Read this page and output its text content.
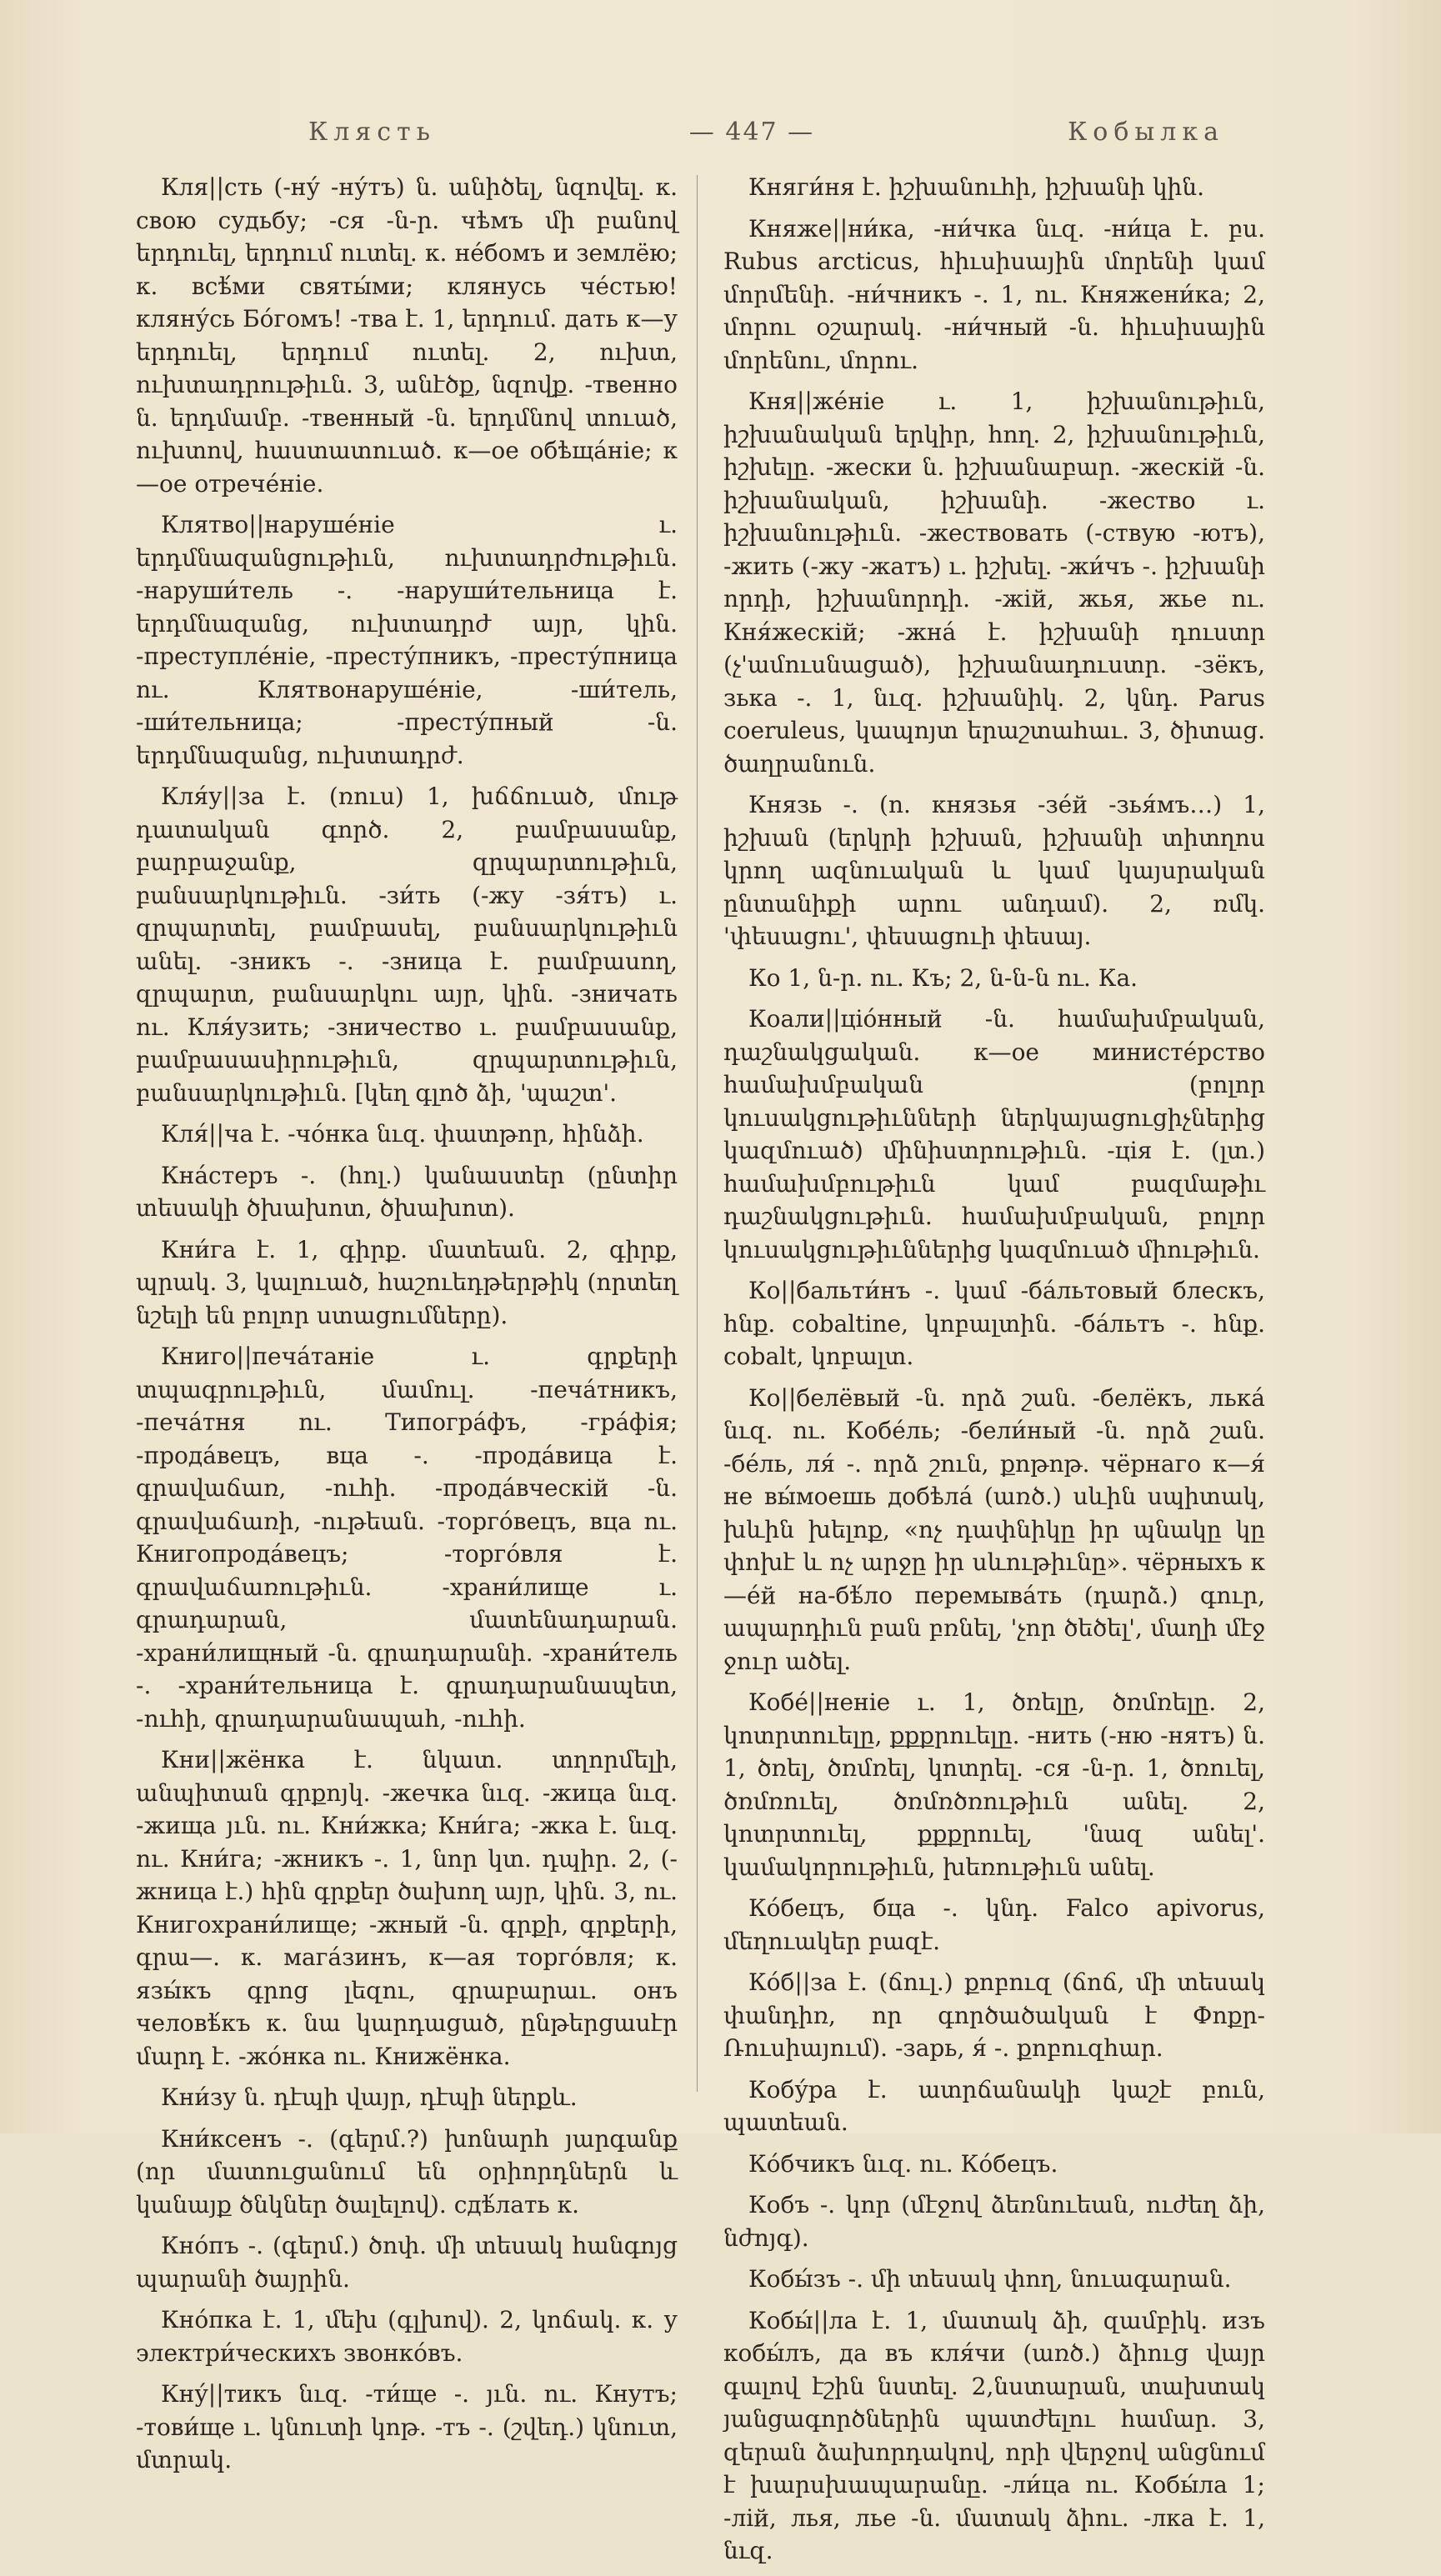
Клясть	— 447 —	Кобылка

Кля||сть (-ну́ -ну́тъ) ն. անիծել, նզովել. к. свою судьбу; -ся -ն-ր. чѣмъ մի բանով երդուել, երդում ուտել. к. не́бомъ и землёю; к. всѣ́ми святы́ми; клянусь че́стью! кляну́сь Бо́гомъ! -тва է. 1, երդում. дать к—у երդուել, երդում ուտել. 2, ուխտ, ուխտադրութիւն. 3, անէծք, նզովք. -твенно ն. երդմամբ. -твенный -ն. երդմնով տուած, ուխտով, հաստատուած. к—ое обѣща́ніе; к—ое отрече́ніе.

Клятво||наруше́ніе ւ. երդմնազանցութիւն, ուխտադրժութիւն. -наруши́тель -. -наруши́тельница է. երդմնազանց, ուխտադրժ այր, կին. -преступле́ніе, -престу́пникъ, -престу́пница ու. Клятвонаруше́ніе, -ши́тель, -ши́тельница; -престу́пный -ն. երդմնազանց, ուխտադրժ.

Кля́у||за է. (ռուս) 1, խճճուած, մութ դատական գործ. 2, բամբասանք, բարբաջանք, զրպարտութիւն, բանսարկութիւն. -зи́ть (-жу -зя́тъ) ւ. զրպարտել, բամբասել, բանսարկութիւն անել. -зникъ -. -зница է. բամբասող, զրպարտ, բանսարկու այր, կին. -зничать ու. Кля́узить; -зничество ւ. բամբասանք, բամբասասիրութիւն, զրպարտութիւն, բանսարկութիւն. [կեղ գլոծ ձի, 'պաշտ'.

Кля́||ча է. -чо́нка նւզ. փատթոր, հինձի.

Кна́стеръ -. (հոլ.) կանաստեր (ընտիր տեսակի ծխախոտ, ծխախոտ).

Кни́га է. 1, գիրք. մատեան. 2, գիրք, պրակ. 3, կալուած, հաշուեդթերթիկ (որտեղ նշելի են բոլոր ստացումները).

Книго||печа́таніе ւ. գրքերի տպագրութիւն, մամուլ. -печа́тникъ, -печа́тня ու. Типогра́фъ, -гра́фія; -прода́вецъ, вца -. -прода́вица է. գրավաճառ, -ուհի. -прода́вческій -ն. գրավաճառի, -ութեան. -торго́вецъ, вца ու. Книгопрода́вецъ; -торго́вля է. գրավաճառութիւն. -храни́лище ւ. գրադարան, մատենադարան. -храни́лищный -ն. գրադարանի. -храни́тель -. -храни́тельница է. գրադարանապետ, -ուհի, գրադարանապահ, -ուհի.

Кни||жёнка է. նկատ. տղորմելի, անպիտան գրքոյկ. -жечка նւզ. -жица նւզ. -жища յւն. ու. Кни́жка; Кни́га; -жка է. նւզ. ու. Кни́га; -жникъ -. 1, նոր կտ. դպիր. 2, (-жница է.) հին գրքեր ծախող այր, կին. 3, ու. Книгохрани́лище; -жный -ն. գրքի, գրքերի, գրա—. к. мага́зинъ, к—ая торго́вля; к. язы́къ գրոց լեզու, գրաբարաւ. онъ человѣ́къ к. նա կարդացած, ընթերցասէր մարդ է. -жо́нка ու. Книжёнка.

Кни́зу ն. դէպի վայր, դէպի ներքև.

Кни́ксенъ -. (գերմ.?) խոնարհ յարգանք (որ մատուցանում են օրիորդներն և կանայք ծնկներ ծալելով). сдѣ́лать к.

Кно́пъ -. (գերմ.) ծոփ. մի տեսակ հանգոյց պարանի ծայրին.

Кно́пка է. 1, մեխ (գլխով). 2, կոճակ. к. у электри́ческихъ звонко́въ.

Кну́||тикъ նւզ. -ти́ще -. յւն. ու. Кнутъ; -тови́ще ւ. կնուտի կոթ. -тъ -. (շվեդ.) կնուտ, մտրակ.

Княги́ня է. իշխանուհի, իշխանի կին.

Княже||ни́ка, -ни́чка նւզ. -ни́ца է. բս. Rubus arcticus, հիւսիսային մորենի կամ մորմենի. -ни́чникъ -. 1, ու. Княжени́ка; 2, մորու օշարակ. -ни́чный -ն. հիւսիսային մորենու, մորու.

Кня||же́ніе ւ. 1, իշխանութիւն, իշխանական երկիր, հող. 2, իշխանութիւն, իշխելը. -жески ն. իշխանաբար. -жескій -ն. իշխանական, իշխանի. -жество ւ. իշխանութիւն. -жествовать (-ствую -ютъ), -жить (-жу -жатъ) ւ. իշխել. -жи́чъ -. իշխանի որդի, իշխանորդի. -жій, жья, жье ու. Кня́жескій; -жна́ է. իշխանի դուստր (չ'ամուսնացած), իշխանադուստր. -зёкъ, зька -. 1, նւզ. իշխանիկ. 2, կնդ. Parus coeruleus, կապոյտ երաշտահաւ. 3, ծիտաց. ծաղրանուն.

Князь -. (ո. князья -зе́й -зья́мъ…) 1, իշխան (երկրի իշխան, իշխանի տիտղոս կրող ազնուական և կամ կայսրական ընտանիքի արու անդամ). 2, ռմկ. 'փեսացու', փեսացուի փեսայ.

Ко 1, ն-ր. ու. Къ; 2, ն-ն-ն ու. Ка.

Коали||ціо́нный -ն. համախմբական, դաշնակցական. к—ое министе́рство համախմբական (բոլոր կուսակցութիւնների ներկայացուցիչներից կազմուած) մինիստրութիւն. -ція է. (լտ.) համախմբութիւն կամ բազմաթիւ դաշնակցութիւն. համախմբական, բոլոր կուսակցութիւններից կազմուած միութիւն.

Ко||бальти́нъ -. կամ -ба́льтовый блескъ, հնք. cobaltine, կոբալտին. -ба́льтъ -. հնք. cobalt, կոբալտ.

Ко||белёвый -ն. որձ շան. -белёкъ, лька́ նւզ. ու. Кобе́ль; -бели́ный -ն. որձ շան. -бе́ль, ля́ -. որձ շուն, քոթոթ. чёрнаго к—я́ не вы́моешь добѣла́ (առծ.) սևին սպիտակ, խևին խելոք, «ոչ դափնիկը իր պնակը կը փոխէ և ոչ արջը իր սևութիւնը». чёрныхъ к—е́й на-бѣ́ло перемыва́ть (դարձ.) գուր, ապարդիւն բան բռնել, 'չոր ծեծել', մաղի մէջ ջուր ածել.

Кобе́||неніе ւ. 1, ծռելը, ծռմռելը. 2, կոտրտուելը, քքքրուելը. -нить (-ню -нятъ) ն. 1, ծռել, ծռմռել, կոտրել. -ся -ն-ր. 1, ծռուել, ծռմռուել, ծռմռծռութիւն անել. 2, կոտրտուել, քքքրուել, 'նազ անել'. կամակորութիւն, խեռութիւն անել.

Ко́бецъ, бца -. կնդ. Falco apivorus, մեղուակեր բազէ.

Ко́б||за է. (ճուլ.) քոբուզ (ճոճ, մի տեսակ փանդիռ, որ գործածական է Փոքր-Ռուսիայում). -зарь, я́ -. քոբուզհար.

Кобу́ра է. ատրճանակի կաշէ բուն, պատեան.

Ко́бчикъ նւզ. ու. Ко́бецъ.

Кобъ -. կոր (մէջով ձեռնուեան, ուժեղ ձի, նժոյգ).

Кобы́зъ -. մի տեսակ փող, նուագարան.

Кобы́||ла է. 1, մատակ ձի, զամբիկ. изъ кобы́лъ, да въ кля́чи (առծ.) ձիուց վայր գալով էշին նստել. 2,նստարան, տախտակ յանցագործներին պատժելու համար. 3, զերան ձախորդակով, որի վերջով անցնում է խարսխապարանը. -ли́ца ու. Кобы́ла 1; -лій, лья, лье -ն. մատակ ձիու. -лка է. 1, նւզ.
